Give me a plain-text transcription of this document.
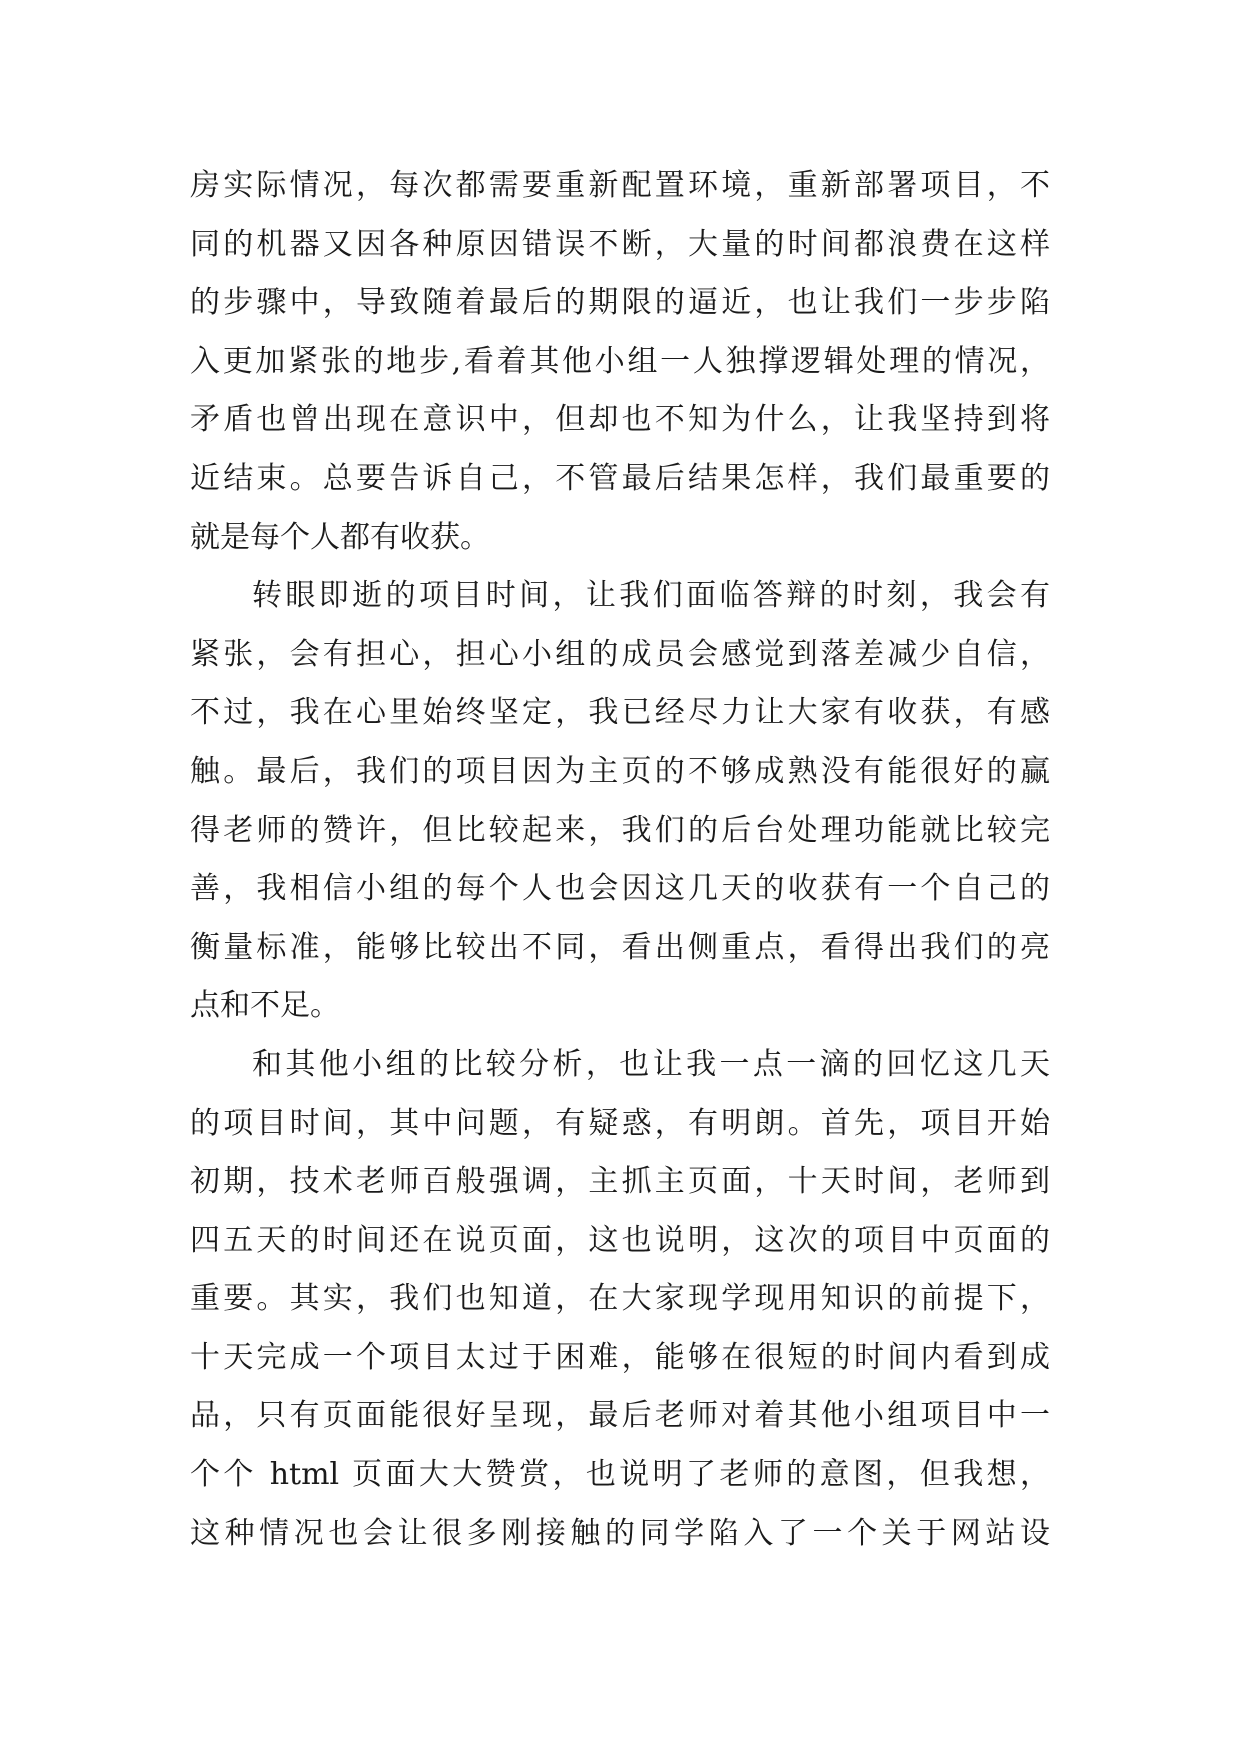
房实际情况，每次都需要重新配置环境，重新部署项目，不
同的机器又因各种原因错误不断，大量的时间都浪费在这样
的步骤中，导致随着最后的期限的逼近，也让我们一步步陷
入更加紧张的地步,看着其他小组一人独撑逻辑处理的情况，
矛盾也曾出现在意识中，但却也不知为什么，让我坚持到将
近结束。总要告诉自己，不管最后结果怎样，我们最重要的
就是每个人都有收获。
转眼即逝的项目时间，让我们面临答辩的时刻，我会有
紧张，会有担心，担心小组的成员会感觉到落差减少自信，
不过，我在心里始终坚定，我已经尽力让大家有收获，有感
触。最后，我们的项目因为主页的不够成熟没有能很好的赢
得老师的赞许，但比较起来，我们的后台处理功能就比较完
善，我相信小组的每个人也会因这几天的收获有一个自己的
衡量标准，能够比较出不同，看出侧重点，看得出我们的亮
点和不足。
和其他小组的比较分析，也让我一点一滴的回忆这几天
的项目时间，其中问题，有疑惑，有明朗。首先，项目开始
初期，技术老师百般强调，主抓主页面，十天时间，老师到
四五天的时间还在说页面，这也说明，这次的项目中页面的
重要。其实，我们也知道，在大家现学现用知识的前提下，
十天完成一个项目太过于困难，能够在很短的时间内看到成
品，只有页面能很好呈现，最后老师对着其他小组项目中一
个个 html 页面大大赞赏，也说明了老师的意图，但我想，
这种情况也会让很多刚接触的同学陷入了一个关于网站设
